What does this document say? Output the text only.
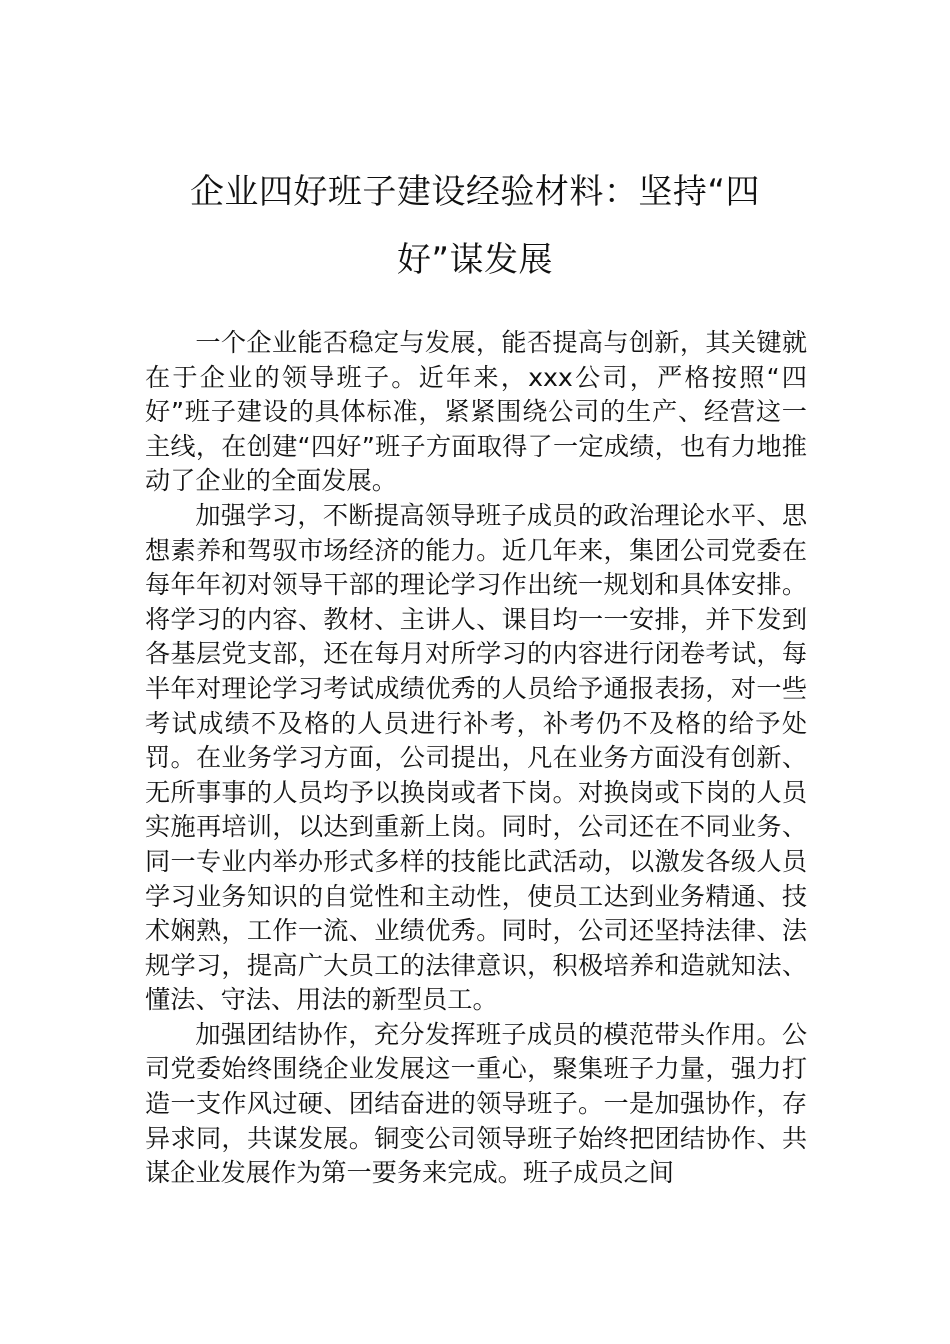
企业四好班子建设经验材料：坚持“四好”谋发展

一个企业能否稳定与发展，能否提高与创新，其关键就在于企业的领导班子。近年来，xxx公司，严格按照“四好”班子建设的具体标准，紧紧围绕公司的生产、经营这一主线，在创建“四好”班子方面取得了一定成绩，也有力地推动了企业的全面发展。

加强学习，不断提高领导班子成员的政治理论水平、思想素养和驾驭市场经济的能力。近几年来，集团公司党委在每年年初对领导干部的理论学习作出统一规划和具体安排。将学习的内容、教材、主讲人、课目均一一安排，并下发到各基层党支部，还在每月对所学习的内容进行闭卷考试，每半年对理论学习考试成绩优秀的人员给予通报表扬，对一些考试成绩不及格的人员进行补考，补考仍不及格的给予处罚。在业务学习方面，公司提出，凡在业务方面没有创新、无所事事的人员均予以换岗或者下岗。对换岗或下岗的人员实施再培训，以达到重新上岗。同时，公司还在不同业务、同一专业内举办形式多样的技能比武活动，以激发各级人员学习业务知识的自觉性和主动性，使员工达到业务精通、技术娴熟，工作一流、业绩优秀。同时，公司还坚持法律、法规学习，提高广大员工的法律意识，积极培养和造就知法、懂法、守法、用法的新型员工。

加强团结协作，充分发挥班子成员的模范带头作用。公司党委始终围绕企业发展这一重心，聚集班子力量，强力打造一支作风过硬、团结奋进的领导班子。一是加强协作，存异求同，共谋发展。铜变公司领导班子始终把团结协作、共谋企业发展作为第一要务来完成。班子成员之间
